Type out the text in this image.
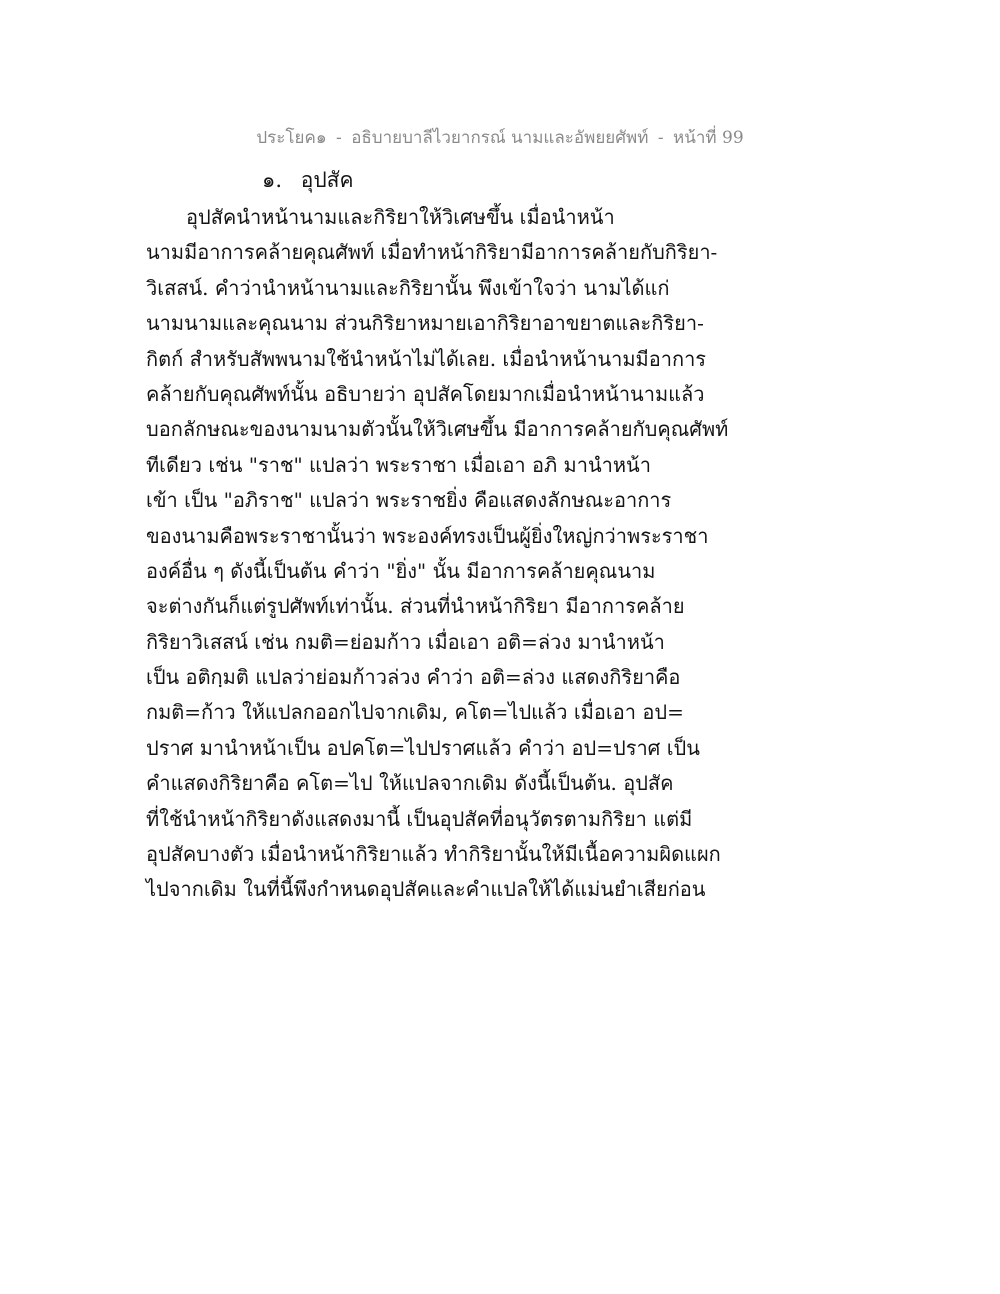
ประโยค๑ - อธิบายบาลีไวยากรณ์ นามและอัพยยศัพท์ - หน้าที่ 99
๑. อุปสัค
อุปสัคนำหน้านามและกิริยาให้วิเศษขึ้น เมื่อนำหน้า
นามมีอาการคล้ายคุณศัพท์ เมื่อทำหน้ากิริยามีอาการคล้ายกับกิริยา-
วิเสสน์. คำว่านำหน้านามและกิริยานั้น พึงเข้าใจว่า นามได้แก่
นามนามและคุณนาม ส่วนกิริยาหมายเอากิริยาอาขยาตและกิริยา-
กิตก์ สำหรับสัพพนามใช้นำหน้าไม่ได้เลย. เมื่อนำหน้านามมีอาการ
คล้ายกับคุณศัพท์นั้น อธิบายว่า อุปสัคโดยมากเมื่อนำหน้านามแล้ว
บอกลักษณะของนามนามตัวนั้นให้วิเศษขึ้น มีอาการคล้ายกับคุณศัพท์
ทีเดียว เช่น "ราช" แปลว่า พระราชา เมื่อเอา อภิ มานำหน้า
เข้า เป็น "อภิราช" แปลว่า พระราชยิ่ง คือแสดงลักษณะอาการ
ของนามคือพระราชานั้นว่า พระองค์ทรงเป็นผู้ยิ่งใหญ่กว่าพระราชา
องค์อื่น ๆ ดังนี้เป็นต้น คำว่า "ยิ่ง" นั้น มีอาการคล้ายคุณนาม
จะต่างกันก็แต่รูปศัพท์เท่านั้น. ส่วนที่นำหน้ากิริยา มีอาการคล้าย
กิริยาวิเสสน์ เช่น กมติ=ย่อมก้าว เมื่อเอา อติ=ล่วง มานำหน้า
เป็น อติกฺมติ แปลว่าย่อมก้าวล่วง คำว่า อติ=ล่วง แสดงกิริยาคือ
กมติ=ก้าว ให้แปลกออกไปจากเดิม, คโต=ไปแล้ว เมื่อเอา อป=
ปราศ มานำหน้าเป็น อปคโต=ไปปราศแล้ว คำว่า อป=ปราศ เป็น
คำแสดงกิริยาคือ คโต=ไป ให้แปลจากเดิม ดังนี้เป็นต้น. อุปสัค
ที่ใช้นำหน้ากิริยาดังแสดงมานี้ เป็นอุปสัคที่อนุวัตรตามกิริยา แต่มี
อุปสัคบางตัว เมื่อนำหน้ากิริยาแล้ว ทำกิริยานั้นให้มีเนื้อความผิดแผก
ไปจากเดิม ในที่นี้พึงกำหนดอุปสัคและคำแปลให้ได้แม่นยำเสียก่อน
